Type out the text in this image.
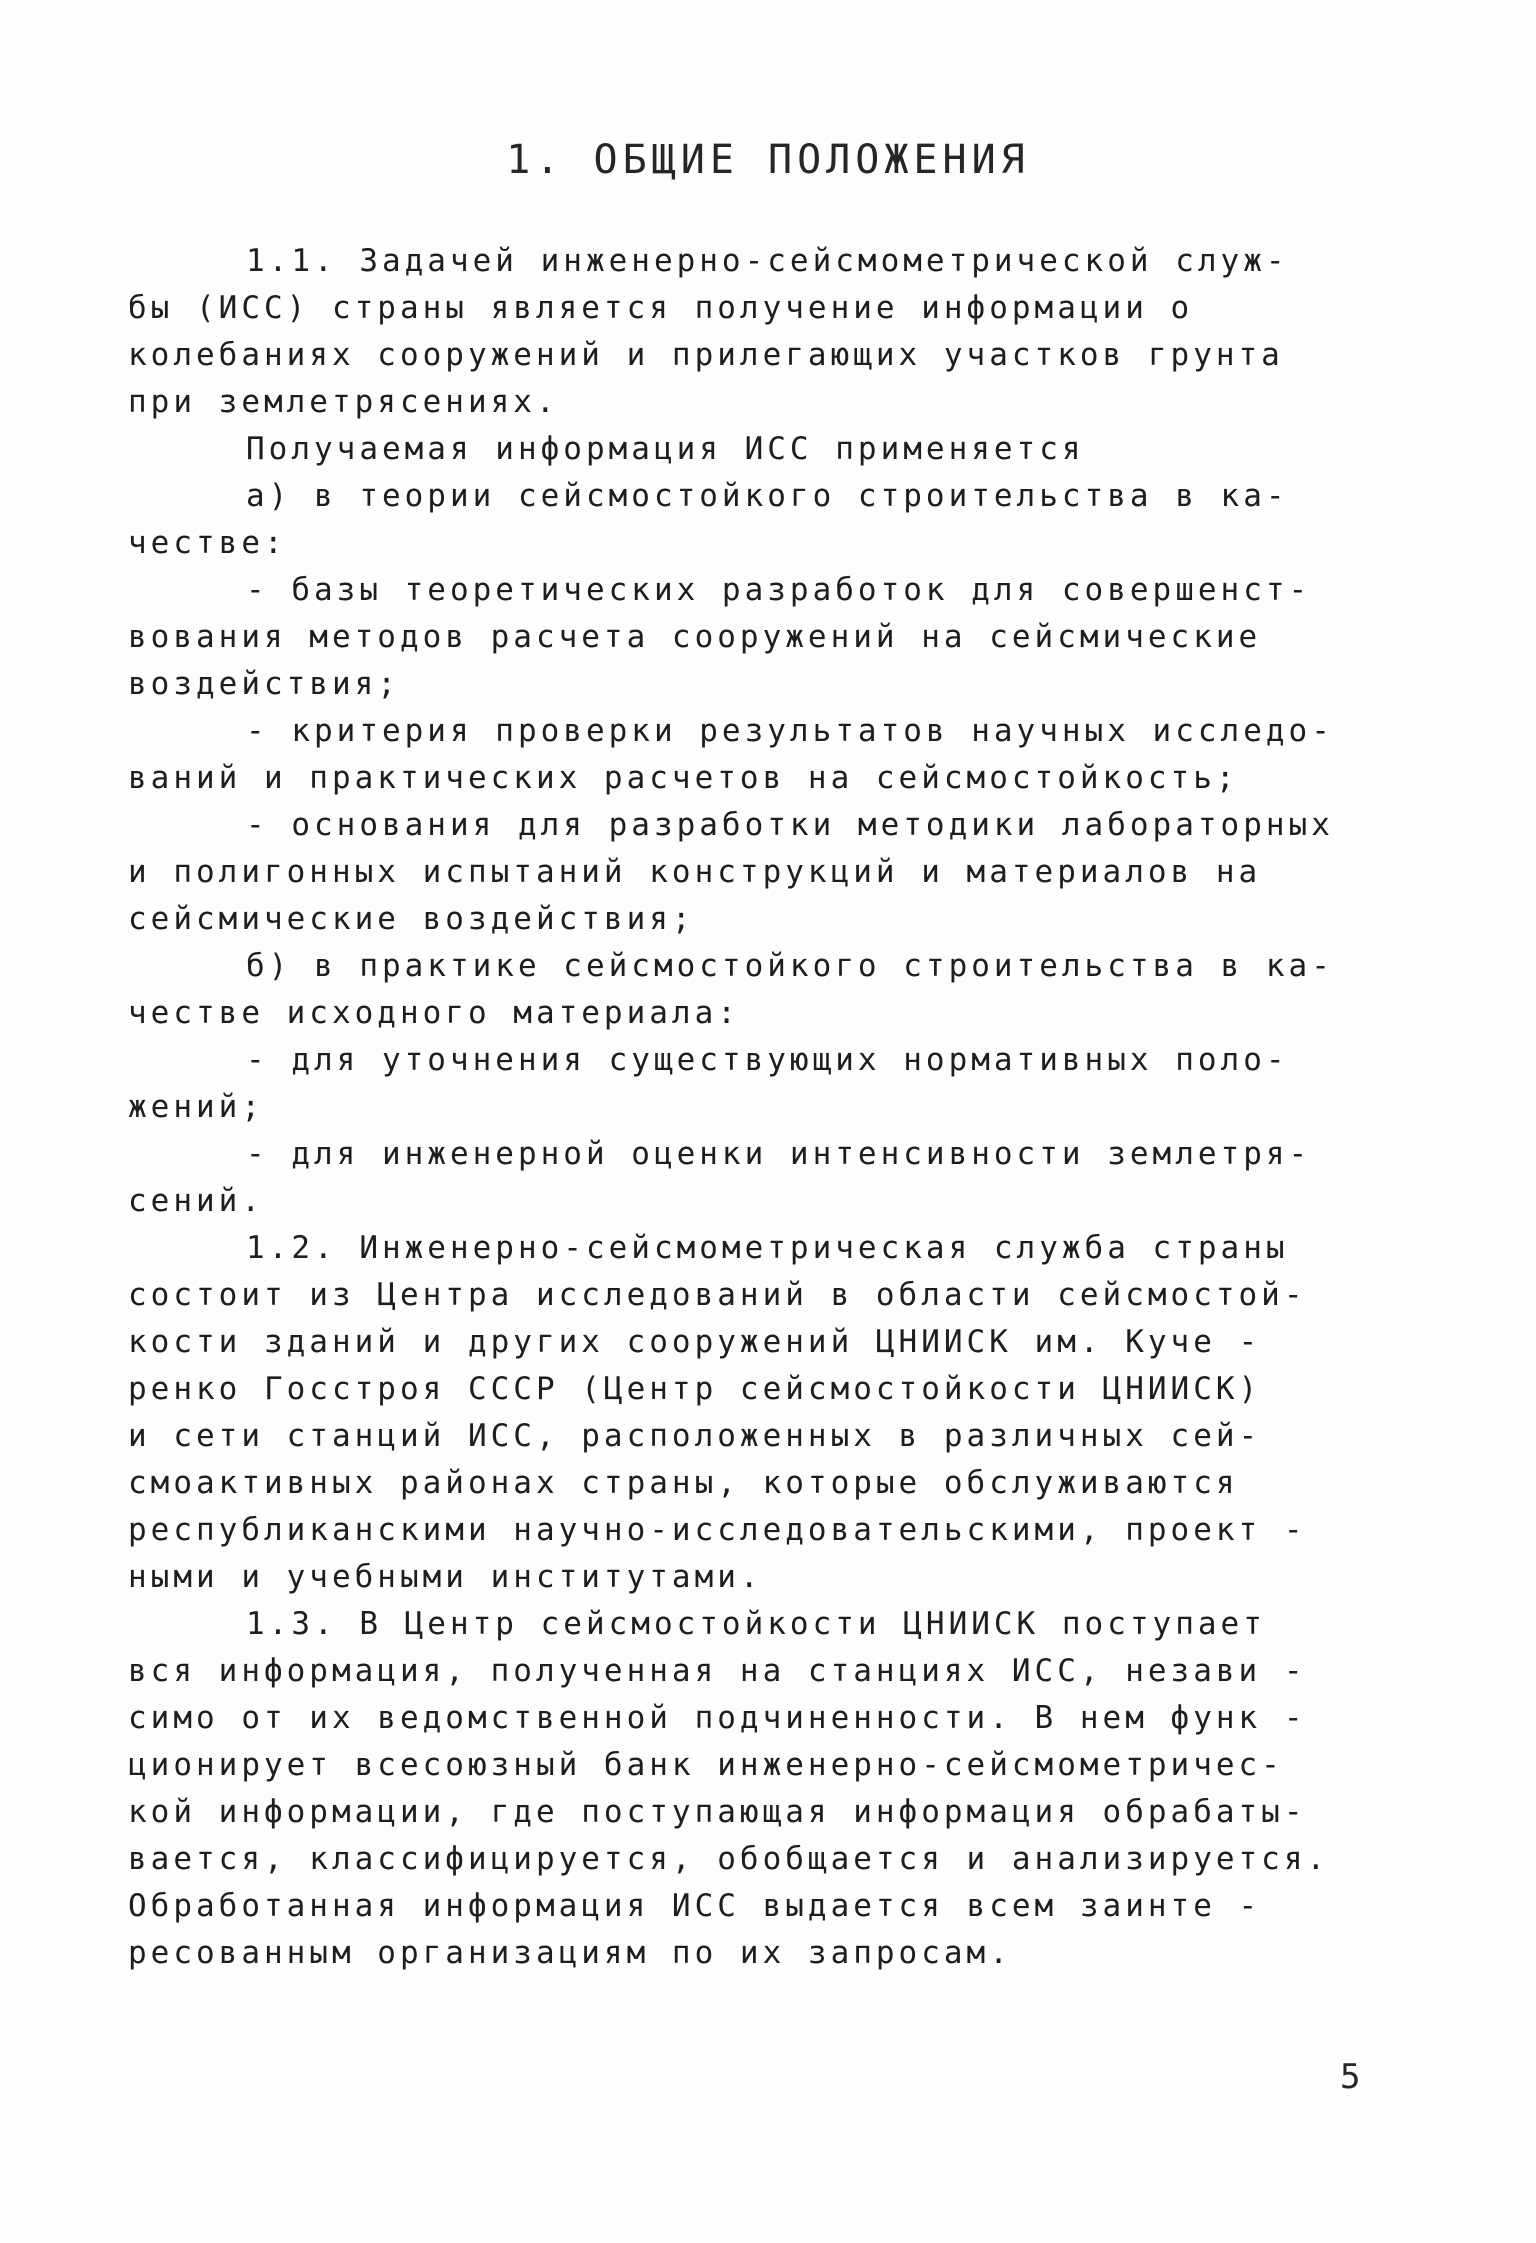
1. ОБЩИЕ ПОЛОЖЕНИЯ
1.1. Задачей инженерно-сейсмометрической служ-
бы (ИСС) страны является получение информации о
колебаниях сооружений и прилегающих участков грунта
при землетрясениях.
Получаемая информация ИСС применяется
а) в теории сейсмостойкого строительства в ка-
честве:
- базы теоретических разработок для совершенст-
вования методов расчета сооружений на сейсмические
воздействия;
- критерия проверки результатов научных исследо-
ваний и практических расчетов на сейсмостойкость;
- основания для разработки методики лабораторных
и полигонных испытаний конструкций и материалов на
сейсмические воздействия;
б) в практике сейсмостойкого строительства в ка-
честве исходного материала:
- для уточнения существующих нормативных поло-
жений;
- для инженерной оценки интенсивности землетря-
сений.
1.2. Инженерно-сейсмометрическая служба страны
состоит из Центра исследований в области сейсмостой-
кости зданий и других сооружений ЦНИИСК им. Куче -
ренко Госстроя СССР (Центр сейсмостойкости ЦНИИСК)
и сети станций ИСС, расположенных в различных сей-
смоактивных районах страны, которые обслуживаются
республиканскими научно-исследовательскими, проект -
ными и учебными институтами.
1.3. В Центр сейсмостойкости ЦНИИСК поступает
вся информация, полученная на станциях ИСС, незави -
симо от их ведомственной подчиненности. В нем функ -
ционирует всесоюзный банк инженерно-сейсмометричес-
кой информации, где поступающая информация обрабаты-
вается, классифицируется, обобщается и анализируется.
Обработанная информация ИСС выдается всем заинте -
ресованным организациям по их запросам.
5
